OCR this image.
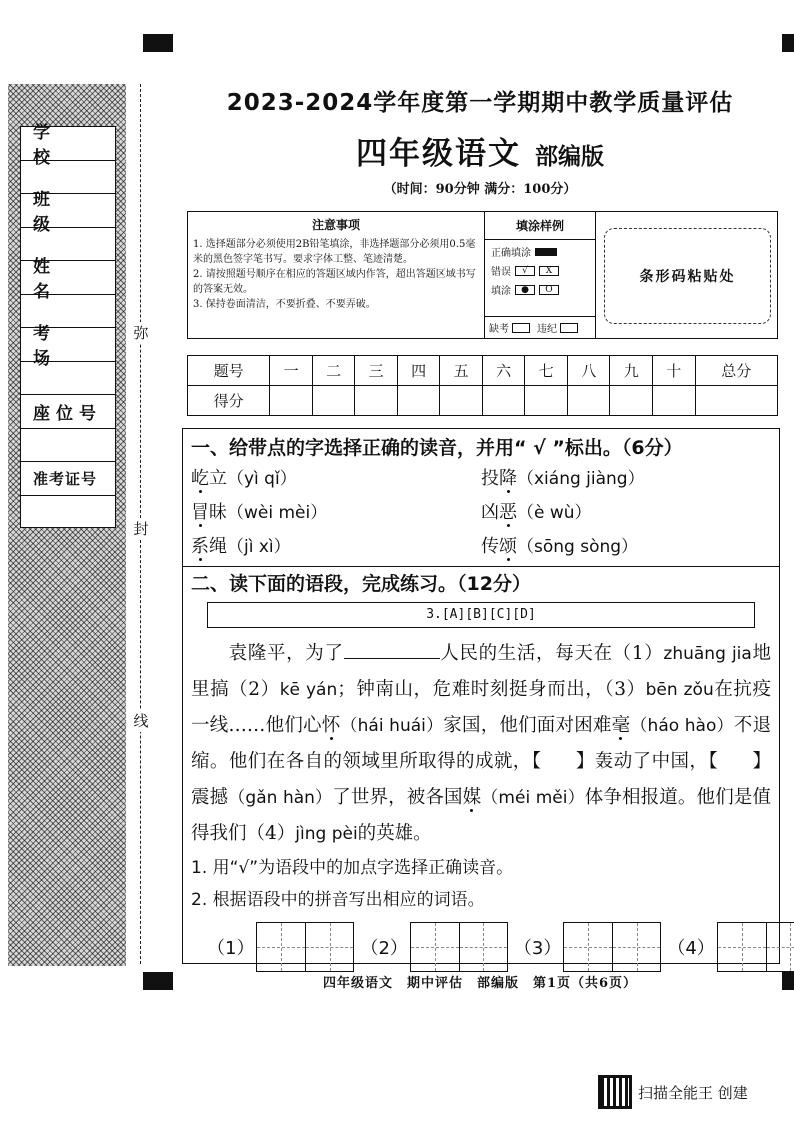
学校
班级
姓名
考场
座位号
准考证号
弥
封
线
2023-2024学年度第一学期期中教学质量评估
四年级语文 部编版
（时间：90分钟 满分：100分）
注意事项

1. 选择题部分必须使用2B铅笔填涂，非选择题部分必须用0.5毫米的黑色签字笔书写。要求字体工整、笔迹清楚。

2. 请按照题号顺序在相应的答题区域内作答，超出答题区域书写的答案无效。

3. 保持卷面清洁，不要折叠、不要弄破。

填涂样例
正确填涂
错误	√	X
填涂	●	O
缺考	违纪
条形码粘贴处
题号	一	二	三	四	五	六	七	八	九	十	总分
得分											
一、给带点的字选择正确的读音，并用“ √ ”标出。（6分）
屹立（yì qǐ）	投降（xiáng jiàng）
冒昧（wèi mèi）	凶恶（è wù）
系绳（jì xì）	传颂（sōng sòng）
二、读下面的语段，完成练习。（12分）
3.[A][B][C][D]
袁隆平，为了	人民的生活，每天在（1）zhuāng jia地里搞（2）kē yán；钟南山，危难时刻挺身而出，（3）bēn zǒu在抗疫一线……他们心怀（hái huái）家国，他们面对困难毫（háo hào）不退缩。他们在各自的领域里所取得的成就，【 】轰动了中国，【 】震撼（gǎn hàn）了世界，被各国媒（méi měi）体争相报道。他们是值得我们（4）jìng pèi的英雄。
1. 用“√”为语段中的加点字选择正确读音。
2. 根据语段中的拼音写出相应的词语。
（1）	（2）	（3）	（4）
四年级语文　期中评估　部编版　第1页（共6页）
扫描全能王 创建
